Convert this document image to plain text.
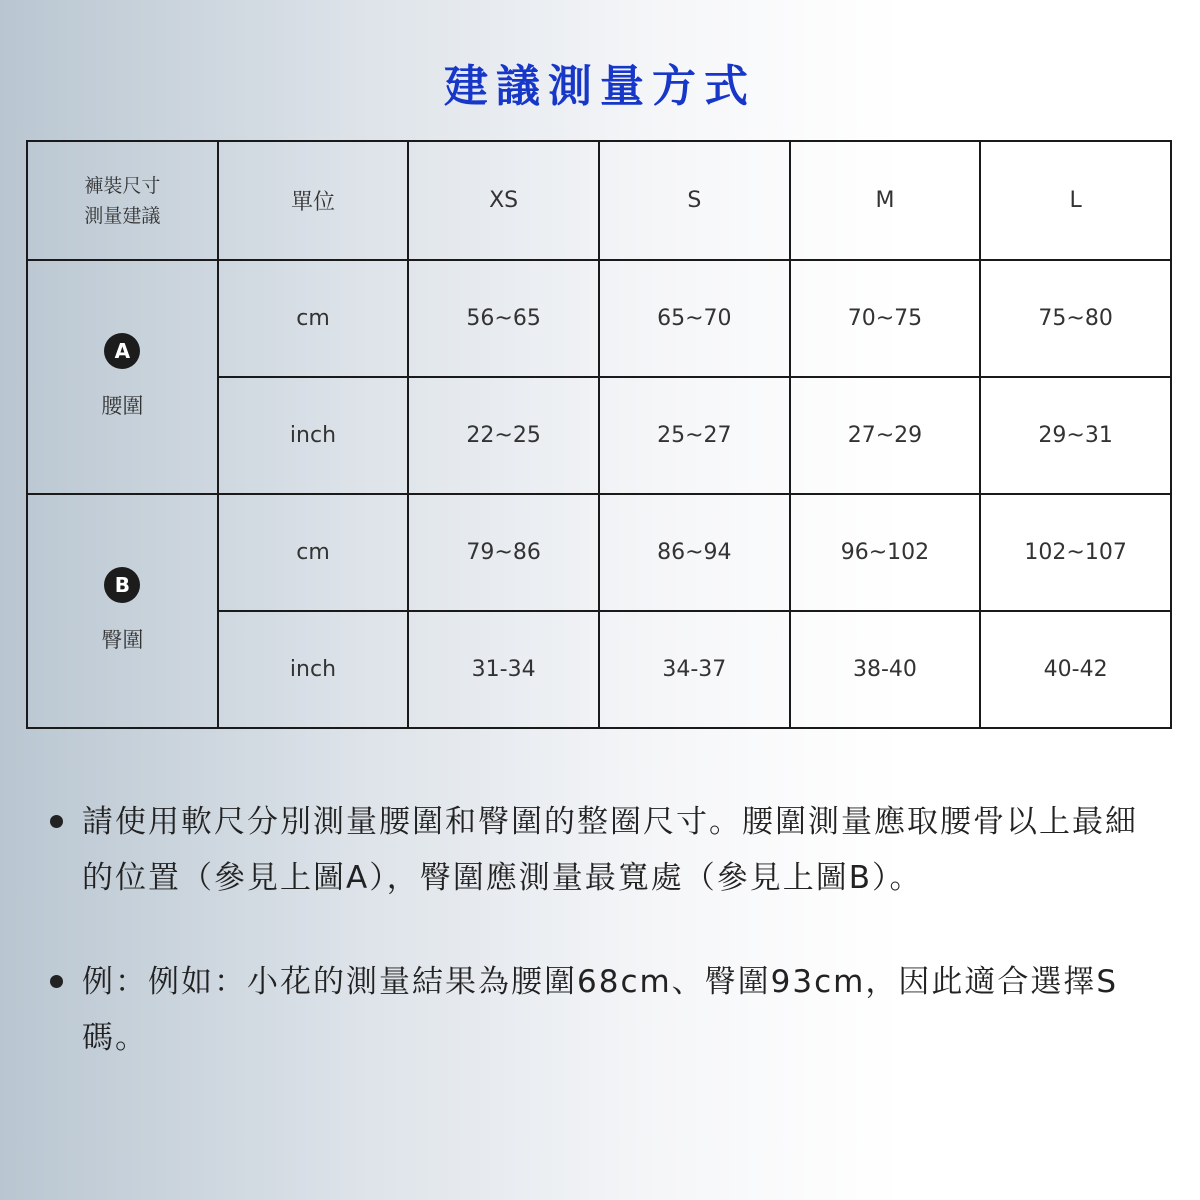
建議測量方式
褲裝尺寸
測量建議	單位	XS	S	M	L
A
腰圍	cm	56~65	65~70	70~75	75~80
	inch	22~25	25~27	27~29	29~31
B
臀圍	cm	79~86	86~94	96~102	102~107
	inch	31-34	34-37	38-40	40-42
請使用軟尺分別測量腰圍和臀圍的整圈尺寸。腰圍測量應取腰骨以上最細的位置（參見上圖A），臀圍應測量最寬處（參見上圖B）。
例：例如：小花的測量結果為腰圍68cm、臀圍93cm，因此適合選擇S碼。
